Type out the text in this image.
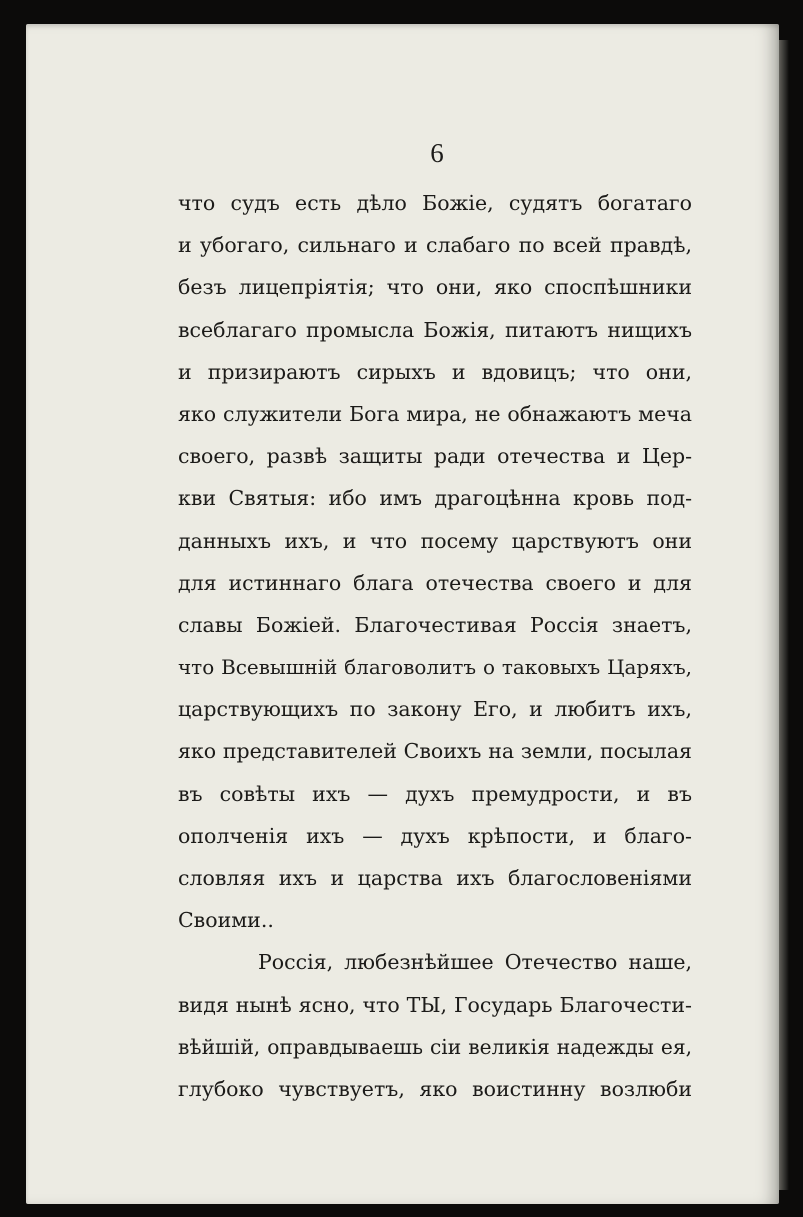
6
что судъ есть дѣло Божіе, судятъ богатаго
и убогаго, сильнаго и слабаго по всей правдѣ,
безъ лицепріятія; что они, яко споспѣшники
всеблагаго промысла Божія, питаютъ нищихъ
и призираютъ сирыхъ и вдовицъ; что они,
яко служители Бога мира, не обнажаютъ меча
своего, развѣ защиты ради отечества и Цер-
кви Святыя: ибо имъ драгоцѣнна кровь под-
данныхъ ихъ, и что посему царствуютъ они
для истиннаго блага отечества своего и для
славы Божіей. Благочестивая Россія знаетъ,
что Всевышній благоволитъ о таковыхъ Царяхъ,
царствующихъ по закону Его, и любитъ ихъ,
яко представителей Своихъ на земли, посылая
въ совѣты ихъ — духъ премудрости, и въ
ополченія ихъ — духъ крѣпости, и благо-
словляя ихъ и царства ихъ благословеніями
Своими..
Россія, любезнѣйшее Отечество наше,
видя нынѣ ясно, что ТЫ, Государь Благочести-
вѣйшій, оправдываешь сіи великія надежды ея,
глубоко чувствуетъ, яко воистинну возлюби
